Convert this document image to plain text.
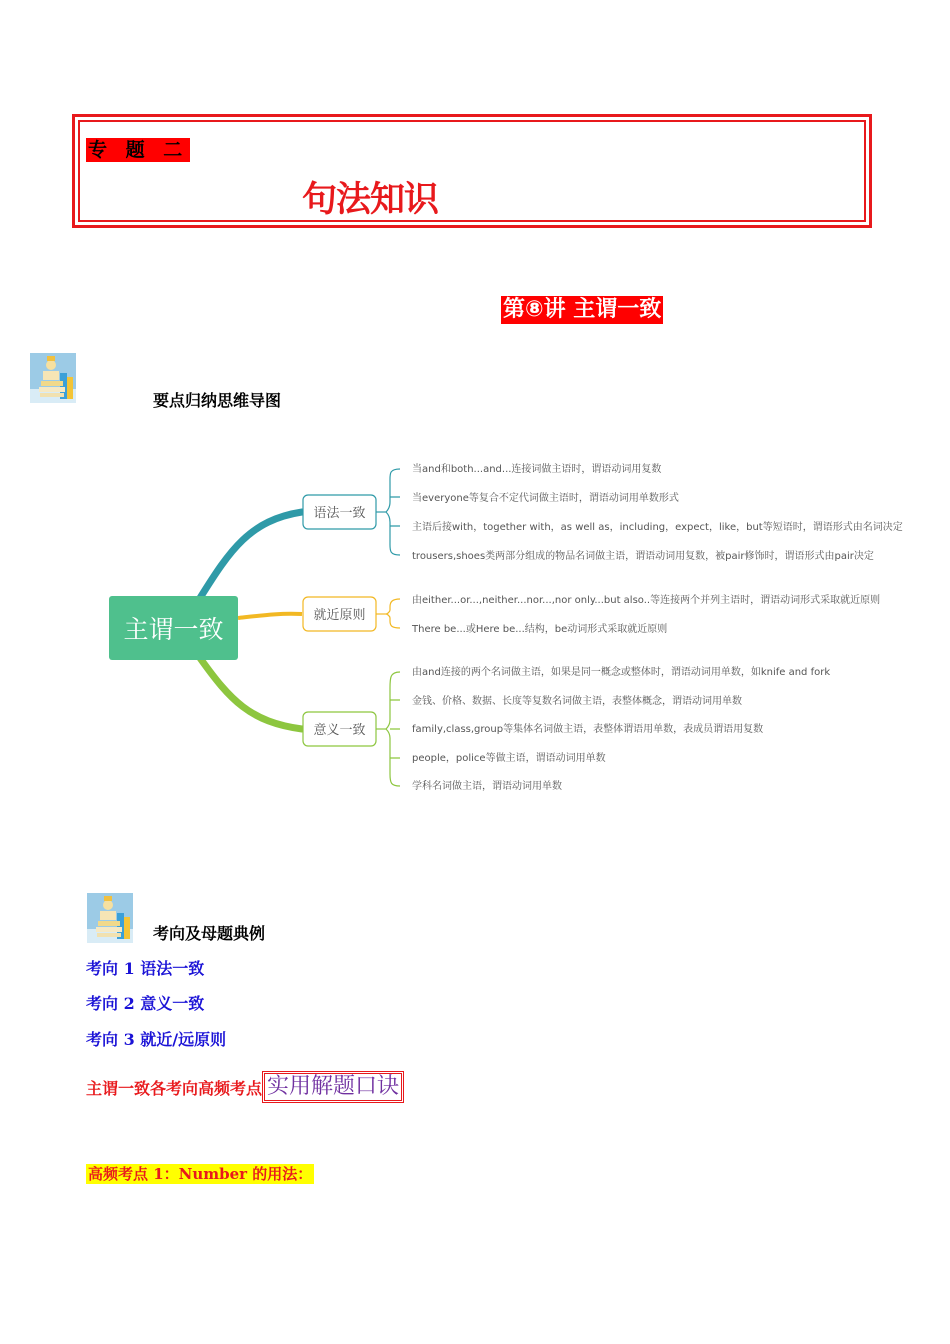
专 题 二
句法知识
第⑧讲 主谓一致
要点归纳思维导图
主谓一致
语法一致
当and和both...and...连接词做主语时，谓语动词用复数
当everyone等复合不定代词做主语时，谓语动词用单数形式
主语后接with，together with，as well as，including，expect，like，but等短语时，谓语形式由名词决定
trousers,shoes类两部分组成的物品名词做主语，谓语动词用复数，被pair修饰时，谓语形式由pair决定
就近原则
由either...or...,neither...nor...,nor only...but also..等连接两个并列主语时，谓语动词形式采取就近原则
There be...或Here be...结构，be动词形式采取就近原则
意义一致
由and连接的两个名词做主语，如果是同一概念或整体时，谓语动词用单数，如knife and fork
金钱、价格、数据、长度等复数名词做主语，表整体概念，谓语动词用单数
family,class,group等集体名词做主语，表整体谓语用单数，表成员谓语用复数
people，police等做主语，谓语动词用单数
学科名词做主语，谓语动词用单数
考向及母题典例
考向 1 语法一致
考向 2 意义一致
考向 3 就近/远原则
主谓一致各考向高频考点 实用解题口诀
高频考点 1：Number 的用法：
